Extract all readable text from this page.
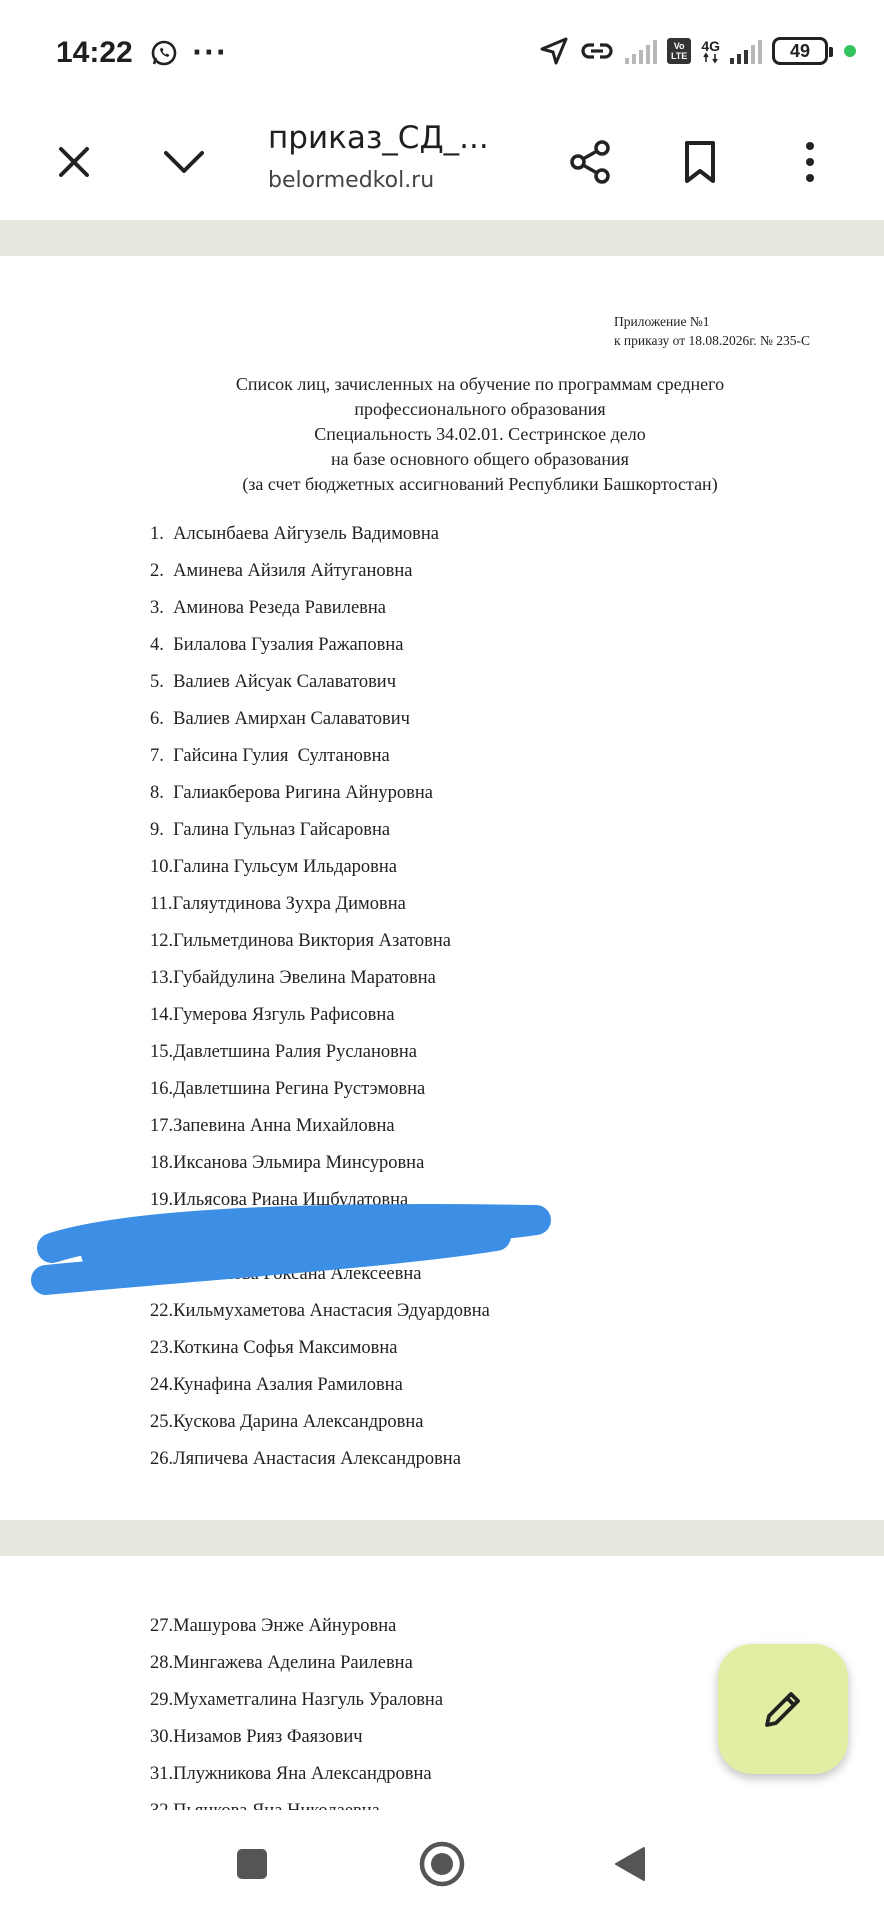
14:22 ···	Vo
LTE
4G	49
приказ_СД_...
belormedkol.ru
Приложение №1
к приказу от 18.08.2026г. № 235-С
Список лиц, зачисленных на обучение по программам среднего
профессионального образования
Специальность 34.02.01. Сестринское дело
на базе основного общего образования
(за счет бюджетных ассигнований Республики Башкортостан)
1.  Алсынбаева Айгузель Вадимовна
2.  Аминева Айзиля Айтугановна
3.  Аминова Резеда Равилевна
4.  Билалова Гузалия Ражаповна
5.  Валиев Айсуак Салаватович
6.  Валиев Амирхан Салаватович
7.  Гайсина Гулия  Султановна
8.  Галиакберова Ригина Айнуровна
9.  Галина Гульназ Гайсаровна
10.Галина Гульсум Ильдаровна
11.Галяутдинова Зухра Димовна
12.Гильметдинова Виктория Азатовна
13.Губайдулина Эвелина Маратовна
14.Гумерова Язгуль Рафисовна
15.Давлетшина Ралия Руслановна
16.Давлетшина Регина Рустэмовна
17.Запевина Анна Михайловна
18.Иксанова Эльмира Минсуровна
19.Ильясова Риана Ишбулатовна
20.Имангулова Диа
21.         анова Роксана Алексеевна
22.Кильмухаметова Анастасия Эдуардовна
23.Коткина Софья Максимовна
24.Кунафина Азалия Рамиловна
25.Кускова Дарина Александровна
26.Ляпичева Анастасия Александровна
27.Машурова Энже Айнуровна
28.Мингажева Аделина Раилевна
29.Мухаметгалина Назгуль Ураловна
30.Низамов Рияз Фаязович
31.Плужникова Яна Александровна
